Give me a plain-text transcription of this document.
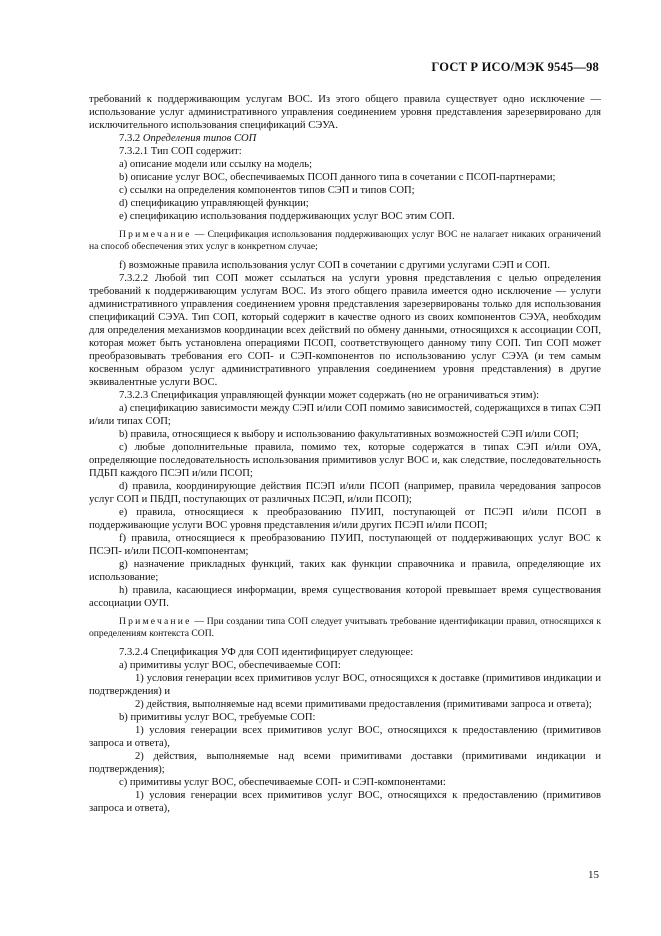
ГОСТ Р ИСО/МЭК 9545—98

требований к поддерживающим услугам ВОС. Из этого общего правила существует одно исключение — использование услуг административного управления соединением уровня представления зарезервировано для исключительного использования спецификаций СЭУА.

7.3.2 Определения типов СОП

7.3.2.1 Тип СОП содержит:

а) описание модели или ссылку на модель;

b) описание услуг ВОС, обеспечиваемых ПСОП данного типа в сочетании с ПСОП-партнерами;

с) ссылки на определения компонентов типов СЭП и типов СОП;

d) спецификацию управляющей функции;

е) спецификацию использования поддерживающих услуг ВОС этим СОП.

Примечание — Спецификация использования поддерживающих услуг ВОС не налагает никаких ограничений на способ обеспечения этих услуг в конкретном случае;

f) возможные правила использования услуг СОП в сочетании с другими услугами СЭП и СОП.

7.3.2.2 Любой тип СОП может ссылаться на услуги уровня представления с целью определения требований к поддерживающим услугам ВОС. Из этого общего правила имеется одно исключение — услуги административного управления соединением уровня представления зарезервированы только для использования спецификаций СЭУА. Тип СОП, который содержит в качестве одного из своих компонентов СЭУА, необходим для определения механизмов координации всех действий по обмену данными, относящихся к ассоциации СОП, которая может быть установлена операциями ПСОП, соответствующего данному типу СОП. Тип СОП может преобразовывать требования его СОП- и СЭП-компонентов по использованию услуг СЭУА (и тем самым косвенным образом услуг административного управления соединением уровня представления) в другие эквивалентные услуги ВОС.

7.3.2.3 Спецификация управляющей функции может содержать (но не ограничиваться этим):

а) спецификацию зависимости между СЭП и/или СОП помимо зависимостей, содержащихся в типах СЭП и/или типах СОП;

b) правила, относящиеся к выбору и использованию факультативных возможностей СЭП и/или СОП;

с) любые дополнительные правила, помимо тех, которые содержатся в типах СЭП и/или ОУА, определяющие последовательность использования примитивов услуг ВОС и, как следствие, последовательность ПДБП каждого ПСЭП и/или ПСОП;

d) правила, координирующие действия ПСЭП и/или ПСОП (например, правила чередования запросов услуг СОП и ПБДП, поступающих от различных ПСЭП, и/или ПСОП);

е) правила, относящиеся к преобразованию ПУИП, поступающей от ПСЭП и/или ПСОП в поддерживающие услуги ВОС уровня представления и/или других ПСЭП и/или ПСОП;

f) правила, относящиеся к преобразованию ПУИП, поступающей от поддерживающих услуг ВОС к ПСЭП- и/или ПСОП-компонентам;

g) назначение прикладных функций, таких как функции справочника и правила, определяющие их использование;

h) правила, касающиеся информации, время существования которой превышает время существования ассоциации ОУП.

Примечание — При создании типа СОП следует учитывать требование идентификации правил, относящихся к определениям контекста СОП.

7.3.2.4 Спецификация УФ для СОП идентифицирует следующее:

а) примитивы услуг ВОС, обеспечиваемые СОП:

1) условия генерации всех примитивов услуг ВОС, относящихся к доставке (примитивов индикации и подтверждения) и

2) действия, выполняемые над всеми примитивами предоставления (примитивами запроса и ответа);

b) примитивы услуг ВОС, требуемые СОП:

1) условия генерации всех примитивов услуг ВОС, относящихся к предоставлению (примитивов запроса и ответа),

2) действия, выполняемые над всеми примитивами доставки (примитивами индикации и подтверждения);

с) примитивы услуг ВОС, обеспечиваемые СОП- и СЭП-компонентами:

1) условия генерации всех примитивов услуг ВОС, относящихся к предоставлению (примитивов запроса и ответа),

15
